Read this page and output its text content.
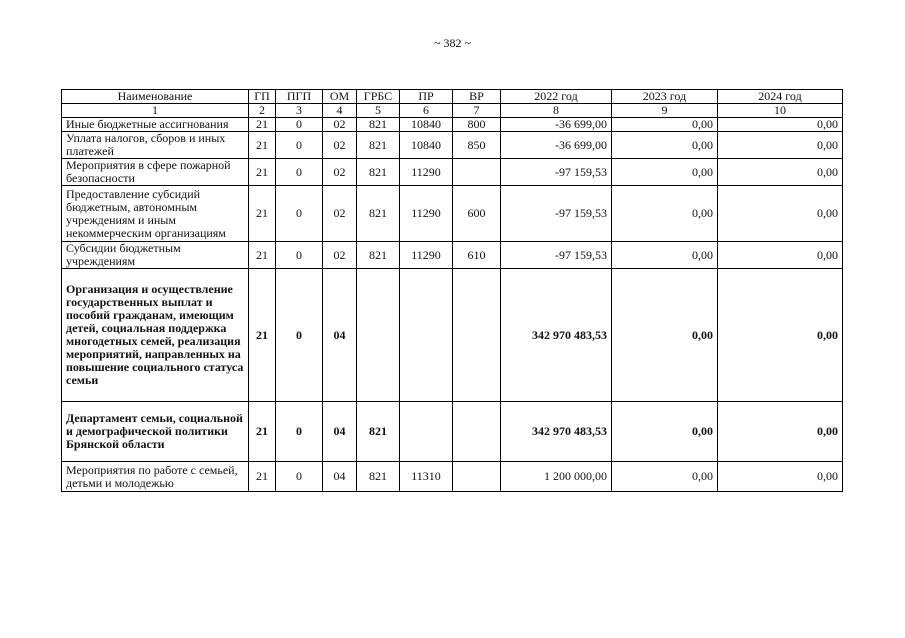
~ 382 ~
Наименование	ГП	ПГП	ОМ	ГРБС	ПР	ВР	2022 год	2023 год	2024 год
1	2	3	4	5	6	7	8	9	10
Иные бюджетные ассигнования	21	0	02	821	10840	800	-36 699,00	0,00	0,00
Уплата налогов, сборов и иных платежей	21	0	02	821	10840	850	-36 699,00	0,00	0,00
Мероприятия в сфере пожарной безопасности	21	0	02	821	11290		-97 159,53	0,00	0,00
Предоставление субсидий бюджетным, автономным учреждениям и иным некоммерческим организациям	21	0	02	821	11290	600	-97 159,53	0,00	0,00
Субсидии бюджетным учреждениям	21	0	02	821	11290	610	-97 159,53	0,00	0,00
Организация и осуществление государственных выплат и пособий гражданам, имеющим детей, социальная поддержка многодетных семей, реализация мероприятий, направленных на повышение социального статуса семьи	21	0	04				342 970 483,53	0,00	0,00
Департамент семьи, социальной и демографической политики Брянской области	21	0	04	821			342 970 483,53	0,00	0,00
Мероприятия по работе с семьей, детьми и молодежью	21	0	04	821	11310		1 200 000,00	0,00	0,00
